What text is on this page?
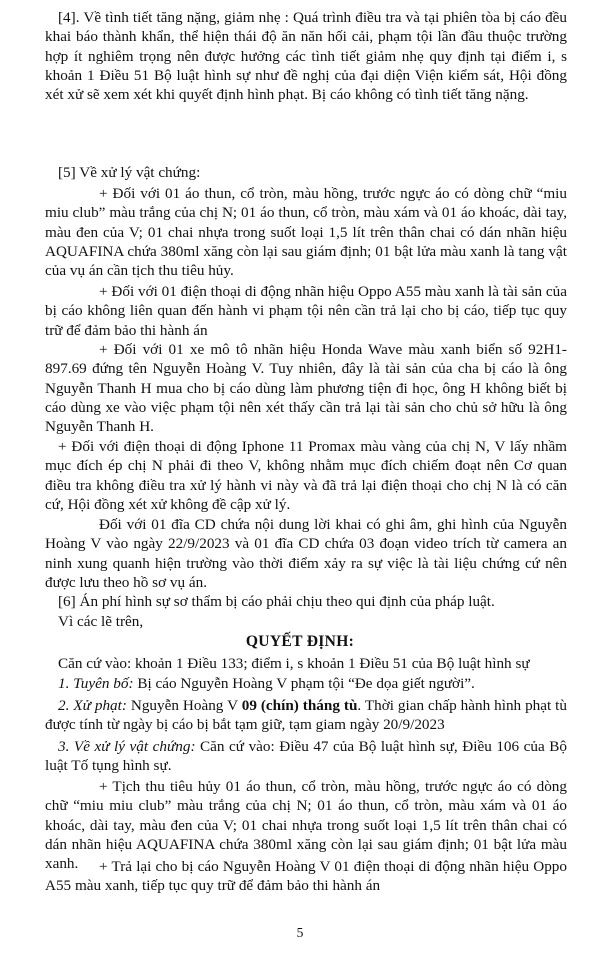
[4]. Về tình tiết tăng nặng, giảm nhẹ : Quá trình điều tra và tại phiên tòa bị cáo đều khai báo thành khẩn, thể hiện thái độ ăn năn hối cải, phạm tội lần đầu thuộc trường hợp ít nghiêm trọng nên được hưởng các tình tiết giảm nhẹ quy định tại điểm i, s khoản 1 Điều 51 Bộ luật hình sự như đề nghị của đại diện Viện kiểm sát, Hội đồng xét xử sẽ xem xét khi quyết định hình phạt. Bị cáo không có tình tiết tăng nặng.

[5] Về xử lý vật chứng:

+ Đối với 01 áo thun, cổ tròn, màu hồng, trước ngực áo có dòng chữ “miu miu club” màu trắng của chị N; 01 áo thun, cổ tròn, màu xám và 01 áo khoác, dài tay, màu đen của V; 01 chai nhựa trong suốt loại 1,5 lít trên thân chai có dán nhãn hiệu AQUAFINA chứa 380ml xăng còn lại sau giám định; 01 bật lửa màu xanh là tang vật của vụ án cần tịch thu tiêu hủy.

+ Đối với 01 điện thoại di động nhãn hiệu Oppo A55 màu xanh là tài sản của bị cáo không liên quan đến hành vi phạm tội nên cần trả lại cho bị cáo, tiếp tục quy trữ để đảm bảo thi hành án

+ Đối với 01 xe mô tô nhãn hiệu Honda Wave màu xanh biển số 92H1-897.69 đứng tên Nguyễn Hoàng V. Tuy nhiên, đây là tài sản của cha bị cáo là ông Nguyễn Thanh H mua cho bị cáo dùng làm phương tiện đi học, ông H không biết bị cáo dùng xe vào việc phạm tội nên xét thấy cần trả lại tài sản cho chủ sở hữu là ông Nguyễn Thanh H.

+ Đối với điện thoại di động Iphone 11 Promax màu vàng của chị N, V lấy nhầm mục đích ép chị N phải đi theo V, không nhằm mục đích chiếm đoạt nên Cơ quan điều tra không điều tra xử lý hành vi này và đã trả lại điện thoại cho chị N là có căn cứ, Hội đồng xét xử không đề cập xử lý.

Đối với 01 đĩa CD chứa nội dung lời khai có ghi âm, ghi hình của Nguyễn Hoàng V vào ngày 22/9/2023 và 01 đĩa CD chứa 03 đoạn video trích từ camera an ninh xung quanh hiện trường vào thời điểm xảy ra sự việc là tài liệu chứng cứ nên được lưu theo hồ sơ vụ án.

[6] Án phí hình sự sơ thẩm bị cáo phải chịu theo qui định của pháp luật.

Vì các lẽ trên,

QUYẾT ĐỊNH:

Căn cứ vào: khoản 1 Điều 133; điểm i, s khoản 1 Điều 51 của Bộ luật hình sự

1. Tuyên bố: Bị cáo Nguyễn Hoàng V phạm tội “Đe dọa giết người”.

2. Xử phạt: Nguyễn Hoàng V 09 (chín) tháng tù. Thời gian chấp hành hình phạt tù được tính từ ngày bị cáo bị bắt tạm giữ, tạm giam ngày 20/9/2023

3. Về xử lý vật chứng: Căn cứ vào: Điều 47 của Bộ luật hình sự, Điều 106 của Bộ luật Tố tụng hình sự.

+ Tịch thu tiêu hủy 01 áo thun, cổ tròn, màu hồng, trước ngực áo có dòng chữ “miu miu club” màu trắng của chị N; 01 áo thun, cổ tròn, màu xám và 01 áo khoác, dài tay, màu đen của V; 01 chai nhựa trong suốt loại 1,5 lít trên thân chai có dán nhãn hiệu AQUAFINA chứa 380ml xăng còn lại sau giám định; 01 bật lửa màu xanh.	+ Trả lại cho bị cáo Nguyễn Hoàng V 01 điện thoại di động nhãn hiệu Oppo A55 màu xanh, tiếp tục quy trữ để đảm bảo thi hành án

5
